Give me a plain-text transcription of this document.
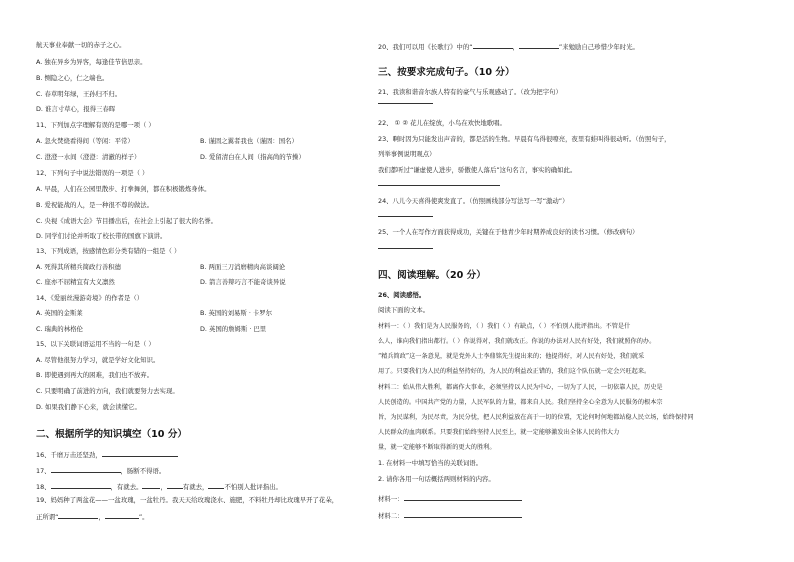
航天事业奉献一切的赤子之心。
A. 独在异乡为异客，每逢佳节倍思亲。
B. 恻隐之心，仁之端也。
C. 春草明年绿，王孙归不归。
D. 谁言寸草心，报得三春晖
11、下列加点字理解有误的是哪一项（ ）
A. 忽火焚烧看得间（等闲：平常）	B. 谨固之翼者我也（谨固：国名）
C. 澄澄一水间（澄澄：清澈的样子）	D. 爱留清白在人间（指高尚的节操）
12、下列句子中说法错误的一项是（ ）
A. 早晨，人们在公园里散步、打拳舞剑，都在积极锻炼身体。
B. 爱祝能战的人，是一种很不尊的做法。
C. 央视《成语大会》节目播出后，在社会上引起了很大的名誉。
D. 同学们讨论并听取了校长带的国旗下演讲。
13、下列成语，按感情色彩分类有错的一组是（ ）
A. 死得其所精兵简政行善积德	B. 两面三刀消磨精肉高谈阔论
C. 座亦不屈精宜有大义凛然	D. 箭言善辩巧言不能奇谈异说
14、《爱丽丝漫游奇境》的作者是（）
A. 英国的金斯莱	B. 英国的刘易斯 · 卡罗尔
C. 瑞典的林格伦	D. 英国的詹姆斯 · 巴里
15、以下关联词语运用不当的一句是（ ）
A. 尽管他很努力学习，就是学好文化知识。
B. 即使遇到再大的困难，我们也不放弃。
C. 只要明确了前进的方向，我们就要努力去实现。
D. 如果我们静下心来，就会读懂它。
二、根据所学的知识填空（10 分）
16、千磨万击还坚劲，
17、	，肠断不得语。
18、	，有就去。	，	有就去，	不怕别人批评指出。
19、妈妈种了两盆花——一盆玫瑰，一盆牡丹。我天天给玫瑰浇水、施肥，不料牡丹却比玫瑰早开了花朵，
正所谓“	，	”。
20、我们可以用《长歌行》中的“	，	”来勉励自己珍惜少年时光。
三、按要求完成句子。（10 分）
21、我读和谐音尔族人特有的豪气与乐观感动了。（改为把字句）
22、 ① ② 花儿在绽放，小鸟在欢快地歌唱。
23、啊时因为只能发出声音的，都是活的生物。早晨有鸟得很嘹亮，夜里有蛙叫得很动听。（仿照句子，
列举事例说明观点）
我们都听过“谦虚使人进步，骄傲使人落后”这句名言，事实的确如此。
24、八儿今天喜得使爽发直了。（仿照画线部分写法写一写“激动”）
25、一个人在写作方面获得成功，关键在于他青少年时期养成良好的读书习惯。（修改病句）
四、阅读理解。（20 分）
26、阅读感悟。
阅读下面的文本。
材料一：（ ）我们是为人民服务的，（ ）我们（ ）有缺点，（ ）不怕别人批评指出。不管是什
么人，谁向我们指出都行。（ ）你说得对，我们就改正。你说的办法对人民有好处，我们就照你的办。
“精兵简政”这一条意见，就是党外人士李鼎铭先生提出来的；他提得好，对人民有好处，我们就采
用了。只要我们为人民的利益坚持好的，为人民的利益改正错的，我们这个队伍就一定会兴旺起来。
材料二：始从伟大胜利，都离作大事业，必须坚持以人民为中心，一切为了人民，一切依靠人民，历史是
人民创造的。中国共产党的力量，人民军队的力量，都来自人民。我们坚持全心全意为人民服务的根本宗
旨，为民谋利，为民尽责，为民分忧，把人民利益放在高于一切的位置，无论何时何地都站稳人民立场，始终保持同
人民群众的血肉联系。只要我们始终坚持人民至上，就一定能够激发出全体人民的伟大力
量，就一定能够不断取得新的更大的胜利。
1. 在材料一中填写恰当的关联词语。
2. 请你各用一句话概括两则材料的内容。
材料一：
材料二：
